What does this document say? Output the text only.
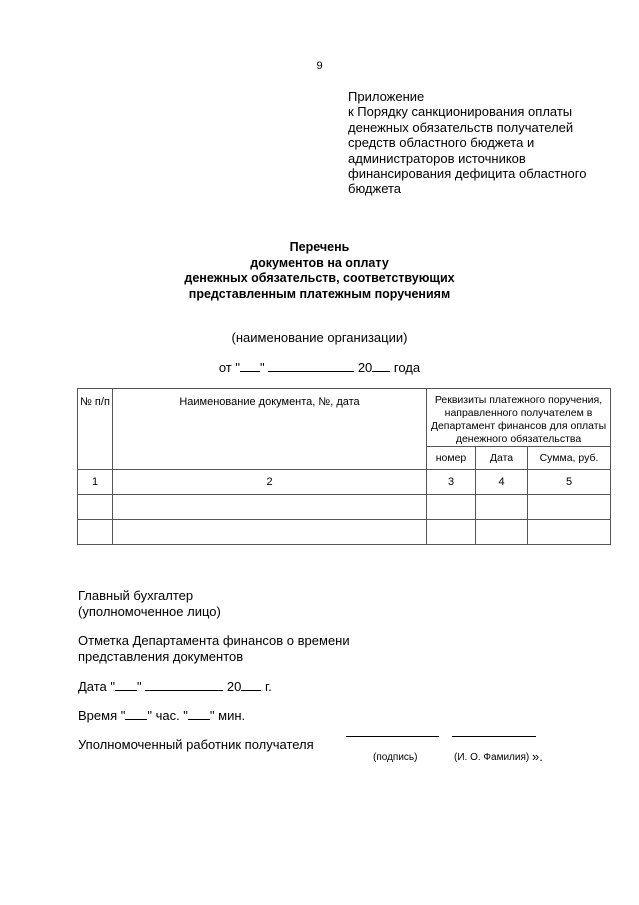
9
Приложение
к Порядку санкционирования оплаты
денежных обязательств получателей
средств областного бюджета и
администраторов источников
финансирования дефицита областного
бюджета
Перечень
документов на оплату
денежных обязательств, соответствующих
представленным платежным поручениям
(наименование организации)
от " "	20 года
№ п/п	Наименование документа, №, дата	Реквизиты платежного поручения, направленного получателем в Департамент финансов для оплаты денежного обязательства		
		номер	Дата	Сумма, руб.
1	2	3	4	5

Главный бухгалтер
(уполномоченное лицо)
Отметка Департамента финансов о времени
представления документов
Дата " "	20 г.
Время " " час. " " мин.
Уполномоченный работник получателя
(подпись)	(И. О. Фамилия) ».
